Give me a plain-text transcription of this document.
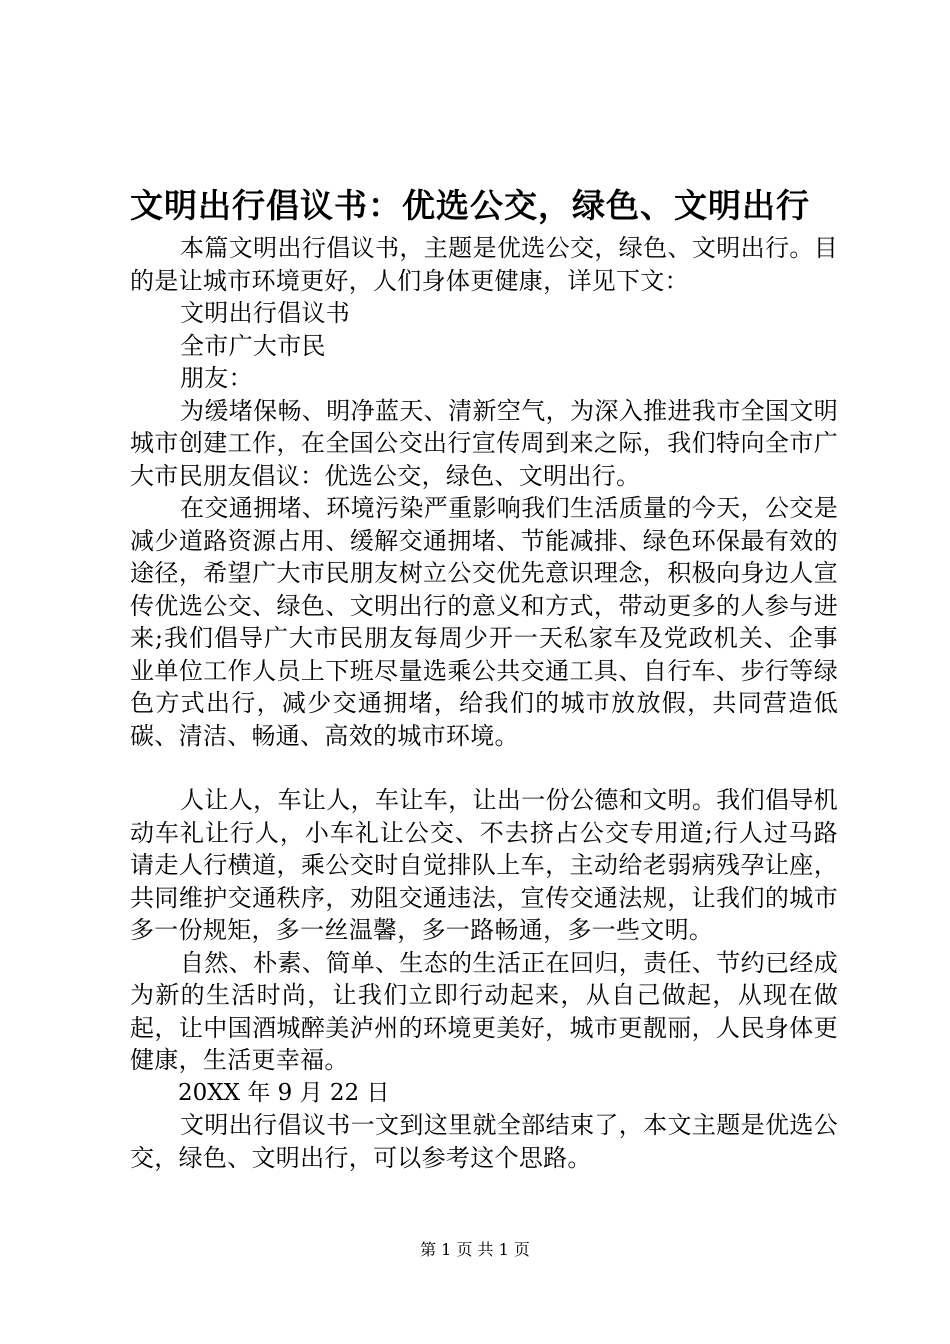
文明出行倡议书：优选公交，绿色、文明出行

本篇文明出行倡议书，主题是优选公交，绿色、文明出行。目的是让城市环境更好，人们身体更健康，详见下文：

文明出行倡议书

全市广大市民

朋友：

为缓堵保畅、明净蓝天、清新空气，为深入推进我市全国文明城市创建工作，在全国公交出行宣传周到来之际，我们特向全市广大市民朋友倡议：优选公交，绿色、文明出行。

在交通拥堵、环境污染严重影响我们生活质量的今天，公交是减少道路资源占用、缓解交通拥堵、节能减排、绿色环保最有效的途径，希望广大市民朋友树立公交优先意识理念，积极向身边人宣传优选公交、绿色、文明出行的意义和方式，带动更多的人参与进来;我们倡导广大市民朋友每周少开一天私家车及党政机关、企事业单位工作人员上下班尽量选乘公共交通工具、自行车、步行等绿色方式出行，减少交通拥堵，给我们的城市放放假，共同营造低碳、清洁、畅通、高效的城市环境。

人让人，车让人，车让车，让出一份公德和文明。我们倡导机动车礼让行人，小车礼让公交、不去挤占公交专用道;行人过马路请走人行横道，乘公交时自觉排队上车，主动给老弱病残孕让座，共同维护交通秩序，劝阻交通违法，宣传交通法规，让我们的城市多一份规矩，多一丝温馨，多一路畅通，多一些文明。

自然、朴素、简单、生态的生活正在回归，责任、节约已经成为新的生活时尚，让我们立即行动起来，从自己做起，从现在做起，让中国酒城醉美泸州的环境更美好，城市更靓丽，人民身体更健康，生活更幸福。

20XX 年 9 月 22 日

文明出行倡议书一文到这里就全部结束了，本文主题是优选公交，绿色、文明出行，可以参考这个思路。

第 1 页 共 1 页
